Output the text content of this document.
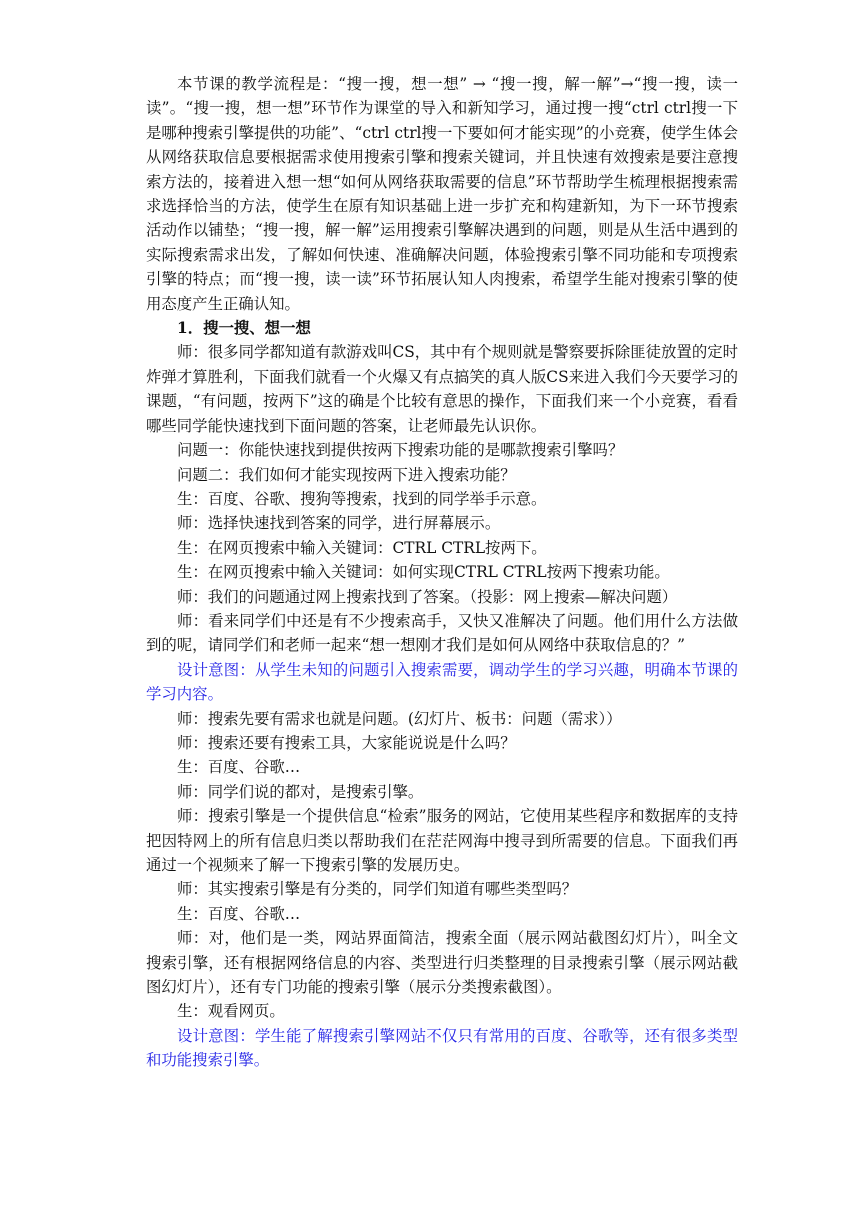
本节课的教学流程是：“搜一搜，想一想” → “搜一搜，解一解”→“搜一搜，读一读”。“搜一搜，想一想”环节作为课堂的导入和新知学习，通过搜一搜“ctrl ctrl搜一下是哪种搜索引擎提供的功能”、“ctrl ctrl搜一下要如何才能实现”的小竞赛，使学生体会从网络获取信息要根据需求使用搜索引擎和搜索关键词，并且快速有效搜索是要注意搜索方法的，接着进入想一想“如何从网络获取需要的信息”环节帮助学生梳理根据搜索需求选择恰当的方法，使学生在原有知识基础上进一步扩充和构建新知，为下一环节搜索活动作以铺垫；“搜一搜，解一解”运用搜索引擎解决遇到的问题，则是从生活中遇到的实际搜索需求出发，了解如何快速、准确解决问题，体验搜索引擎不同功能和专项搜索引擎的特点；而“搜一搜，读一读”环节拓展认知人肉搜索，希望学生能对搜索引擎的使用态度产生正确认知。

1．搜一搜、想一想

师：很多同学都知道有款游戏叫CS，其中有个规则就是警察要拆除匪徒放置的定时炸弹才算胜利，下面我们就看一个火爆又有点搞笑的真人版CS来进入我们今天要学习的课题，“有问题，按两下”这的确是个比较有意思的操作，下面我们来一个小竞赛，看看哪些同学能快速找到下面问题的答案，让老师最先认识你。

问题一：你能快速找到提供按两下搜索功能的是哪款搜索引擎吗？

问题二：我们如何才能实现按两下进入搜索功能？

生：百度、谷歌、搜狗等搜索，找到的同学举手示意。

师：选择快速找到答案的同学，进行屏幕展示。

生：在网页搜索中输入关键词：CTRL CTRL按两下。

生：在网页搜索中输入关键词：如何实现CTRL CTRL按两下搜索功能。

师：我们的问题通过网上搜索找到了答案。（投影：网上搜索—解决问题）

师：看来同学们中还是有不少搜索高手，又快又准解决了问题。他们用什么方法做到的呢，请同学们和老师一起来“想一想刚才我们是如何从网络中获取信息的？”

设计意图：从学生未知的问题引入搜索需要，调动学生的学习兴趣，明确本节课的学习内容。

师：搜索先要有需求也就是问题。(幻灯片、板书：问题（需求））

师：搜索还要有搜索工具，大家能说说是什么吗？

生：百度、谷歌…

师：同学们说的都对，是搜索引擎。

师：搜索引擎是一个提供信息“检索”服务的网站，它使用某些程序和数据库的支持把因特网上的所有信息归类以帮助我们在茫茫网海中搜寻到所需要的信息。下面我们再通过一个视频来了解一下搜索引擎的发展历史。

师：其实搜索引擎是有分类的，同学们知道有哪些类型吗？

生：百度、谷歌…

师：对，他们是一类，网站界面简洁，搜索全面（展示网站截图幻灯片），叫全文搜索引擎，还有根据网络信息的内容、类型进行归类整理的目录搜索引擎（展示网站截图幻灯片），还有专门功能的搜索引擎（展示分类搜索截图）。

生：观看网页。

设计意图：学生能了解搜索引擎网站不仅只有常用的百度、谷歌等，还有很多类型和功能搜索引擎。
